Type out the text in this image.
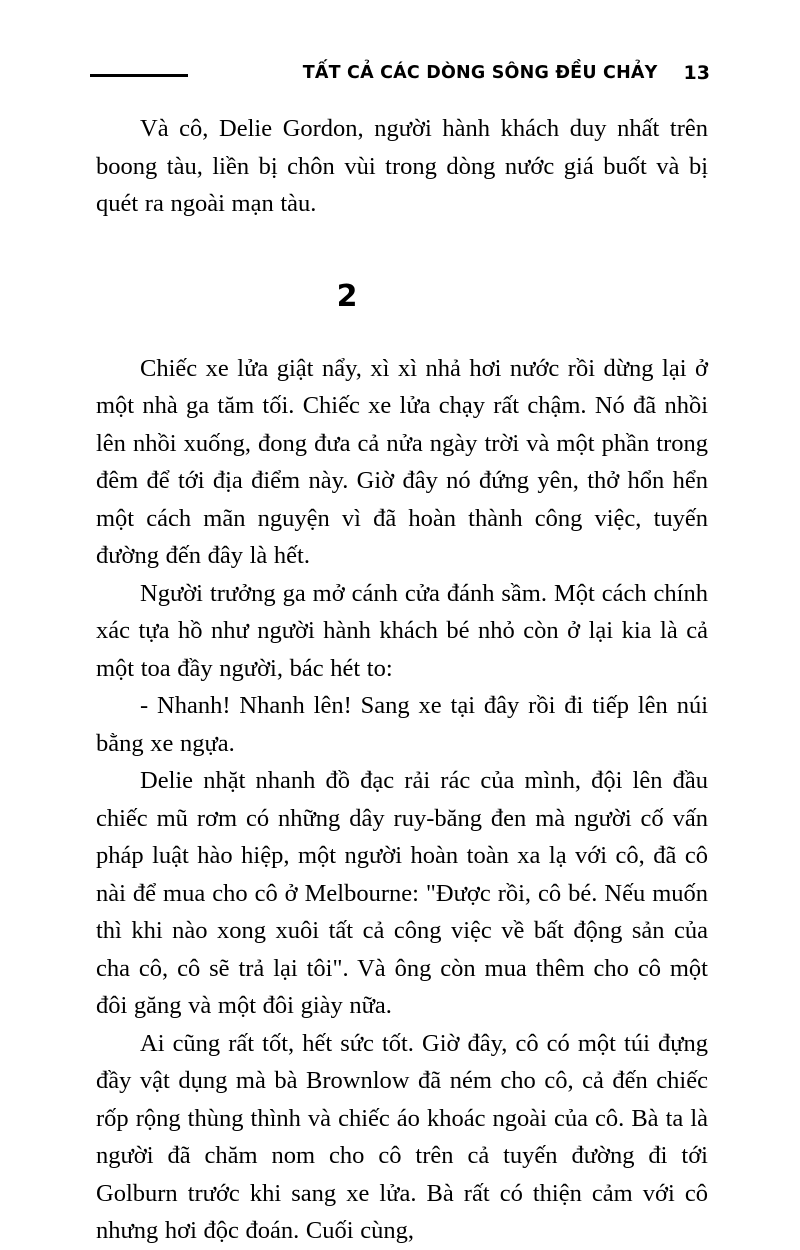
TẤT CẢ CÁC DÒNG SÔNG ĐỀU CHẢY 13

Và cô, Delie Gordon, người hành khách duy nhất trên boong tàu, liền bị chôn vùi trong dòng nước giá buốt và bị quét ra ngoài mạn tàu.

2

Chiếc xe lửa giật nẩy, xì xì nhả hơi nước rồi dừng lại ở một nhà ga tăm tối. Chiếc xe lửa chạy rất chậm. Nó đã nhồi lên nhồi xuống, đong đưa cả nửa ngày trời và một phần trong đêm để tới địa điểm này. Giờ đây nó đứng yên, thở hổn hển một cách mãn nguyện vì đã hoàn thành công việc, tuyến đường đến đây là hết.

Người trưởng ga mở cánh cửa đánh sầm. Một cách chính xác tựa hồ như người hành khách bé nhỏ còn ở lại kia là cả một toa đầy người, bác hét to:

- Nhanh! Nhanh lên! Sang xe tại đây rồi đi tiếp lên núi bằng xe ngựa.

Delie nhặt nhanh đồ đạc rải rác của mình, đội lên đầu chiếc mũ rơm có những dây ruy-băng đen mà người cố vấn pháp luật hào hiệp, một người hoàn toàn xa lạ với cô, đã cô nài để mua cho cô ở Melbourne: "Được rồi, cô bé. Nếu muốn thì khi nào xong xuôi tất cả công việc về bất động sản của cha cô, cô sẽ trả lại tôi". Và ông còn mua thêm cho cô một đôi găng và một đôi giày nữa.

Ai cũng rất tốt, hết sức tốt. Giờ đây, cô có một túi đựng đầy vật dụng mà bà Brownlow đã ném cho cô, cả đến chiếc rốp rộng thùng thình và chiếc áo khoác ngoài của cô. Bà ta là người đã chăm nom cho cô trên cả tuyến đường đi tới Golburn trước khi sang xe lửa. Bà rất có thiện cảm với cô nhưng hơi độc đoán. Cuối cùng,
